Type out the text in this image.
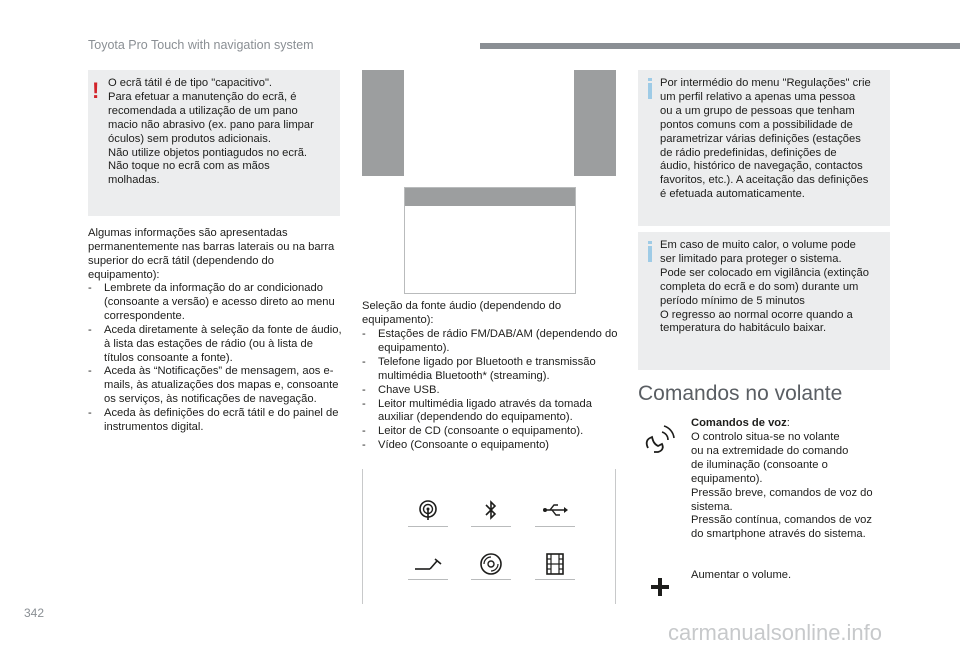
Toyota Pro Touch with navigation system
! O ecrã tátil é de tipo "capacitivo".
Para efetuar a manutenção do ecrã, é
recomendada a utilização de um pano
macio não abrasivo (ex. pano para limpar
óculos) sem produtos adicionais.
Não utilize objetos pontiagudos no ecrã.
Não toque no ecrã com as mãos
molhadas.
Algumas informações são apresentadas permanentemente nas barras laterais ou na barra superior do ecrã tátil (dependendo do equipamento):
- Lembrete da informação do ar condicionado (consoante a versão) e acesso direto ao menu correspondente.
- Aceda diretamente à seleção da fonte de áudio, à lista das estações de rádio (ou à lista de títulos consoante a fonte).
- Aceda às “Notificações” de mensagem, aos e-mails, às atualizações dos mapas e, consoante os serviços, às notificações de navegação.
- Aceda às definições do ecrã tátil e do painel de instrumentos digital.
Seleção da fonte áudio (dependendo do equipamento):
- Estações de rádio FM/DAB/AM (dependendo do equipamento).
- Telefone ligado por Bluetooth e transmissão multimédia Bluetooth* (streaming).
- Chave USB.
- Leitor multimédia ligado através da tomada auxiliar (dependendo do equipamento).
- Leitor de CD (consoante o equipamento).
- Vídeo (Consoante o equipamento)
Por intermédio do menu "Regulações" crie
um perfil relativo a apenas uma pessoa
ou a um grupo de pessoas que tenham
pontos comuns com a possibilidade de
parametrizar várias definições (estações
de rádio predefinidas, definições de
áudio, histórico de navegação, contactos
favoritos, etc.). A aceitação das definições
é efetuada automaticamente.
Em caso de muito calor, o volume pode
ser limitado para proteger o sistema.
Pode ser colocado em vigilância (extinção
completa do ecrã e do som) durante um
período mínimo de 5 minutos
O regresso ao normal ocorre quando a
temperatura do habitáculo baixar.
Comandos no volante
Comandos de voz:
O controlo situa-se no volante
ou na extremidade do comando
de iluminação (consoante o
equipamento).
Pressão breve, comandos de voz do
sistema.
Pressão contínua, comandos de voz
do smartphone através do sistema.
Aumentar o volume.
342
carmanualsonline.info
